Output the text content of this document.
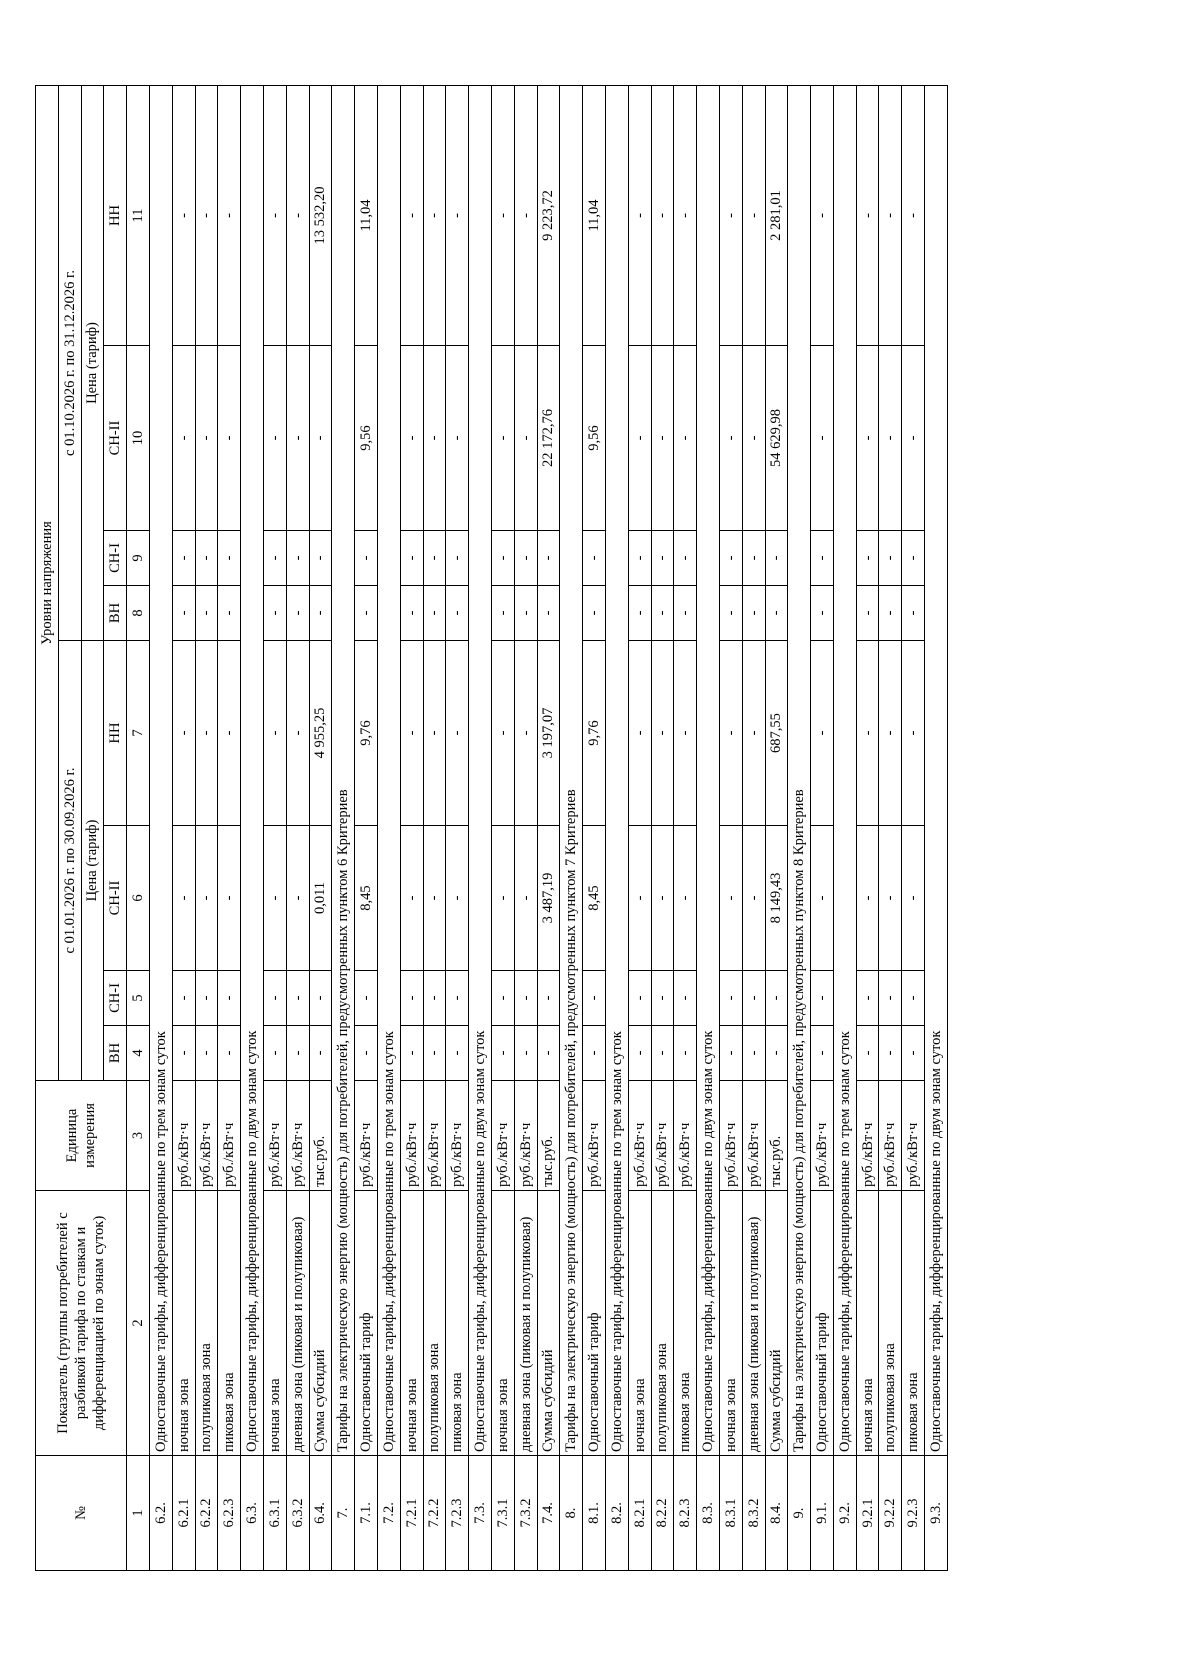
№	Показатель (группы потребителей с разбивкой тарифа по ставкам и дифференциацией по зонам суток)	Единица измерения	Уровни напряжения							
			с 01.01.2026 г. по 30.09.2026 г.				с 01.10.2026 г. по 31.12.2026 г.			
			Цена (тариф)				Цена (тариф)			
			ВН	СН-I	СН-II	НН	ВН	СН-I	СН-II	НН
1	2	3	4	5	6	7	8	9	10	11
6.2.	Одноставочные тарифы, дифференцированные по трем зонам суток									
6.2.1	ночная зона	руб./кВт·ч	-	-	-	-	-	-	-	-
6.2.2	полупиковая зона	руб./кВт·ч	-	-	-	-	-	-	-	-
6.2.3	пиковая зона	руб./кВт·ч	-	-	-	-	-	-	-	-
6.3.	Одноставочные тарифы, дифференцированные по двум зонам суток									
6.3.1	ночная зона	руб./кВт·ч	-	-	-	-	-	-	-	-
6.3.2	дневная зона (пиковая и полупиковая)	руб./кВт·ч	-	-	-	-	-	-	-	-
6.4.	Сумма субсидий	тыс.руб.	-	-	0,011	4 955,25	-	-	-	13 532,20
7.	Тарифы на электрическую энергию (мощность) для потребителей, предусмотренных пунктом 6 Критериев									
7.1.	Одноставочный тариф	руб./кВт·ч	-	-	8,45	9,76	-	-	9,56	11,04
7.2.	Одноставочные тарифы, дифференцированные по трем зонам суток									
7.2.1	ночная зона	руб./кВт·ч	-	-	-	-	-	-	-	-
7.2.2	полупиковая зона	руб./кВт·ч	-	-	-	-	-	-	-	-
7.2.3	пиковая зона	руб./кВт·ч	-	-	-	-	-	-	-	-
7.3.	Одноставочные тарифы, дифференцированные по двум зонам суток									
7.3.1	ночная зона	руб./кВт·ч	-	-	-	-	-	-	-	-
7.3.2	дневная зона (пиковая и полупиковая)	руб./кВт·ч	-	-	-	-	-	-	-	-
7.4.	Сумма субсидий	тыс.руб.	-	-	3 487,19	3 197,07	-	-	22 172,76	9 223,72
8.	Тарифы на электрическую энергию (мощность) для потребителей, предусмотренных пунктом 7 Критериев									
8.1.	Одноставочный тариф	руб./кВт·ч	-	-	8,45	9,76	-	-	9,56	11,04
8.2.	Одноставочные тарифы, дифференцированные по трем зонам суток									
8.2.1	ночная зона	руб./кВт·ч	-	-	-	-	-	-	-	-
8.2.2	полупиковая зона	руб./кВт·ч	-	-	-	-	-	-	-	-
8.2.3	пиковая зона	руб./кВт·ч	-	-	-	-	-	-	-	-
8.3.	Одноставочные тарифы, дифференцированные по двум зонам суток									
8.3.1	ночная зона	руб./кВт·ч	-	-	-	-	-	-	-	-
8.3.2	дневная зона (пиковая и полупиковая)	руб./кВт·ч	-	-	-	-	-	-	-	-
8.4.	Сумма субсидий	тыс.руб.	-	-	8 149,43	687,55	-	-	54 629,98	2 281,01
9.	Тарифы на электрическую энергию (мощность) для потребителей, предусмотренных пунктом 8 Критериев									
9.1.	Одноставочный тариф	руб./кВт·ч	-	-	-	-	-	-	-	-
9.2.	Одноставочные тарифы, дифференцированные по трем зонам суток									
9.2.1	ночная зона	руб./кВт·ч	-	-	-	-	-	-	-	-
9.2.2	полупиковая зона	руб./кВт·ч	-	-	-	-	-	-	-	-
9.2.3	пиковая зона	руб./кВт·ч	-	-	-	-	-	-	-	-
9.3.	Одноставочные тарифы, дифференцированные по двум зонам суток									
